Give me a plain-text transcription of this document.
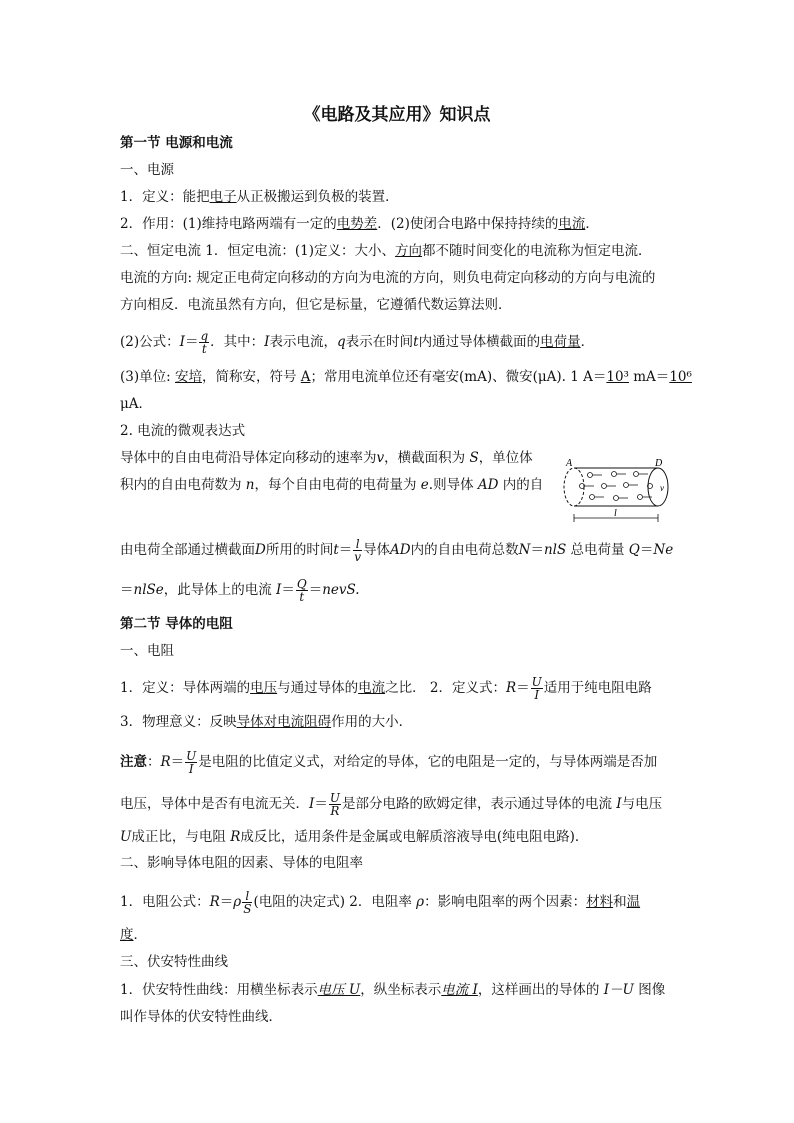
《电路及其应用》知识点
第一节 电源和电流
一、电源
1．定义：能把电子从正极搬运到负极的装置．
2．作用：(1)维持电路两端有一定的电势差．(2)使闭合电路中保持持续的电流．
二、恒定电流 1．恒定电流：(1)定义：大小、方向都不随时间变化的电流称为恒定电流．
电流的方向: 规定正电荷定向移动的方向为电流的方向，则负电荷定向移动的方向与电流的
方向相反．电流虽然有方向，但它是标量，它遵循代数运算法则．
(2)公式：$I= \frac{q}{t}$ ．其中：I表示电流，q表示在时间t内通过导体横截面的电荷量．
(3)单位: 安培，简称安，符号 A；常用电流单位还有毫安(mA)、微安(μA). 1 A＝10³ mA＝10⁶
μA．
2. 电流的微观表达式
导体中的自由电荷沿导体定向移动的速率为v，横截面积为 S，单位体
积内的自由电荷数为 n，每个自由电荷的电荷量为 e.则导体 AD 内的自
A	D
v
l
由电荷全部通过横截面D所用的时间$t= \frac{l}{v}$ 导体AD内的自由电荷总数N＝nlS 总电荷量 Q＝Ne
＝nlSe，此导体上的电流 $I= \frac{Q}{t}$ ＝nevS.
第二节 导体的电阻
一、电阻
1．定义：导体两端的电压与通过导体的电流之比． 2．定义式：$R= \frac{U}{I}$ 适用于纯电阻电路
3．物理意义：反映导体对电流阻碍作用的大小．
注意：$R= \frac{U}{I}$ 是电阻的比值定义式，对给定的导体，它的电阻是一定的，与导体两端是否加
电压，导体中是否有电流无关．$I= \frac{U}{R}$ 是部分电路的欧姆定律，表示通过导体的电流 I与电压
U成正比，与电阻 R成反比，适用条件是金属或电解质溶液导电(纯电阻电路)．
二、影响导体电阻的因素、导体的电阻率
1．电阻公式：$R=\rho \frac{l}{S}$ (电阻的决定式) 2．电阻率 ρ：影响电阻率的两个因素：材料和温
度．
三、伏安特性曲线
1．伏安特性曲线：用横坐标表示电压 U，纵坐标表示电流 I，这样画出的导体的 I－U 图像
叫作导体的伏安特性曲线．
